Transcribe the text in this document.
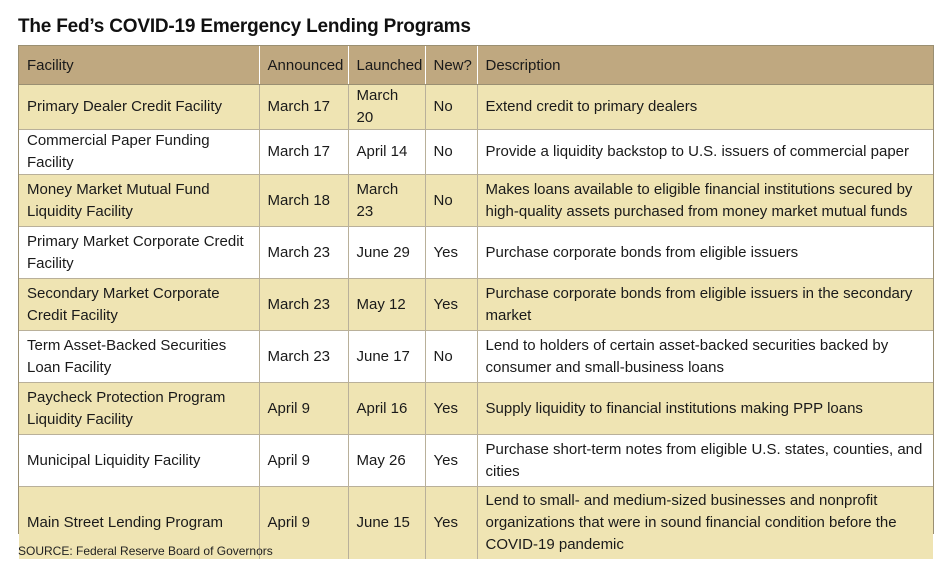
The Fed’s COVID-19 Emergency Lending Programs
Facility	Announced	Launched	New?	Description
Primary Dealer Credit Facility	March 17	March 20	No	Extend credit to primary dealers
Commercial Paper Funding Facility	March 17	April 14	No	Provide a liquidity backstop to U.S. issuers of commercial paper
Money Market Mutual Fund Liquidity Facility	March 18	March 23	No	Makes loans available to eligible financial institutions secured by high-quality assets purchased from money market mutual funds
Primary Market Corporate Credit Facility	March 23	June 29	Yes	Purchase corporate bonds from eligible issuers
Secondary Market Corporate Credit Facility	March 23	May 12	Yes	Purchase corporate bonds from eligible issuers in the secondary market
Term Asset-Backed Securities Loan Facility	March 23	June 17	No	Lend to holders of certain asset-backed securities backed by consumer and small-business loans
Paycheck Protection Program Liquidity Facility	April 9	April 16	Yes	Supply liquidity to financial institutions making PPP loans
Municipal Liquidity Facility	April 9	May 26	Yes	Purchase short-term notes from eligible U.S. states, counties, and cities
Main Street Lending Program	April 9	June 15	Yes	Lend to small- and medium-sized businesses and nonprofit organizations that were in sound financial condition before the COVID-19 pandemic
SOURCE: Federal Reserve Board of Governors
